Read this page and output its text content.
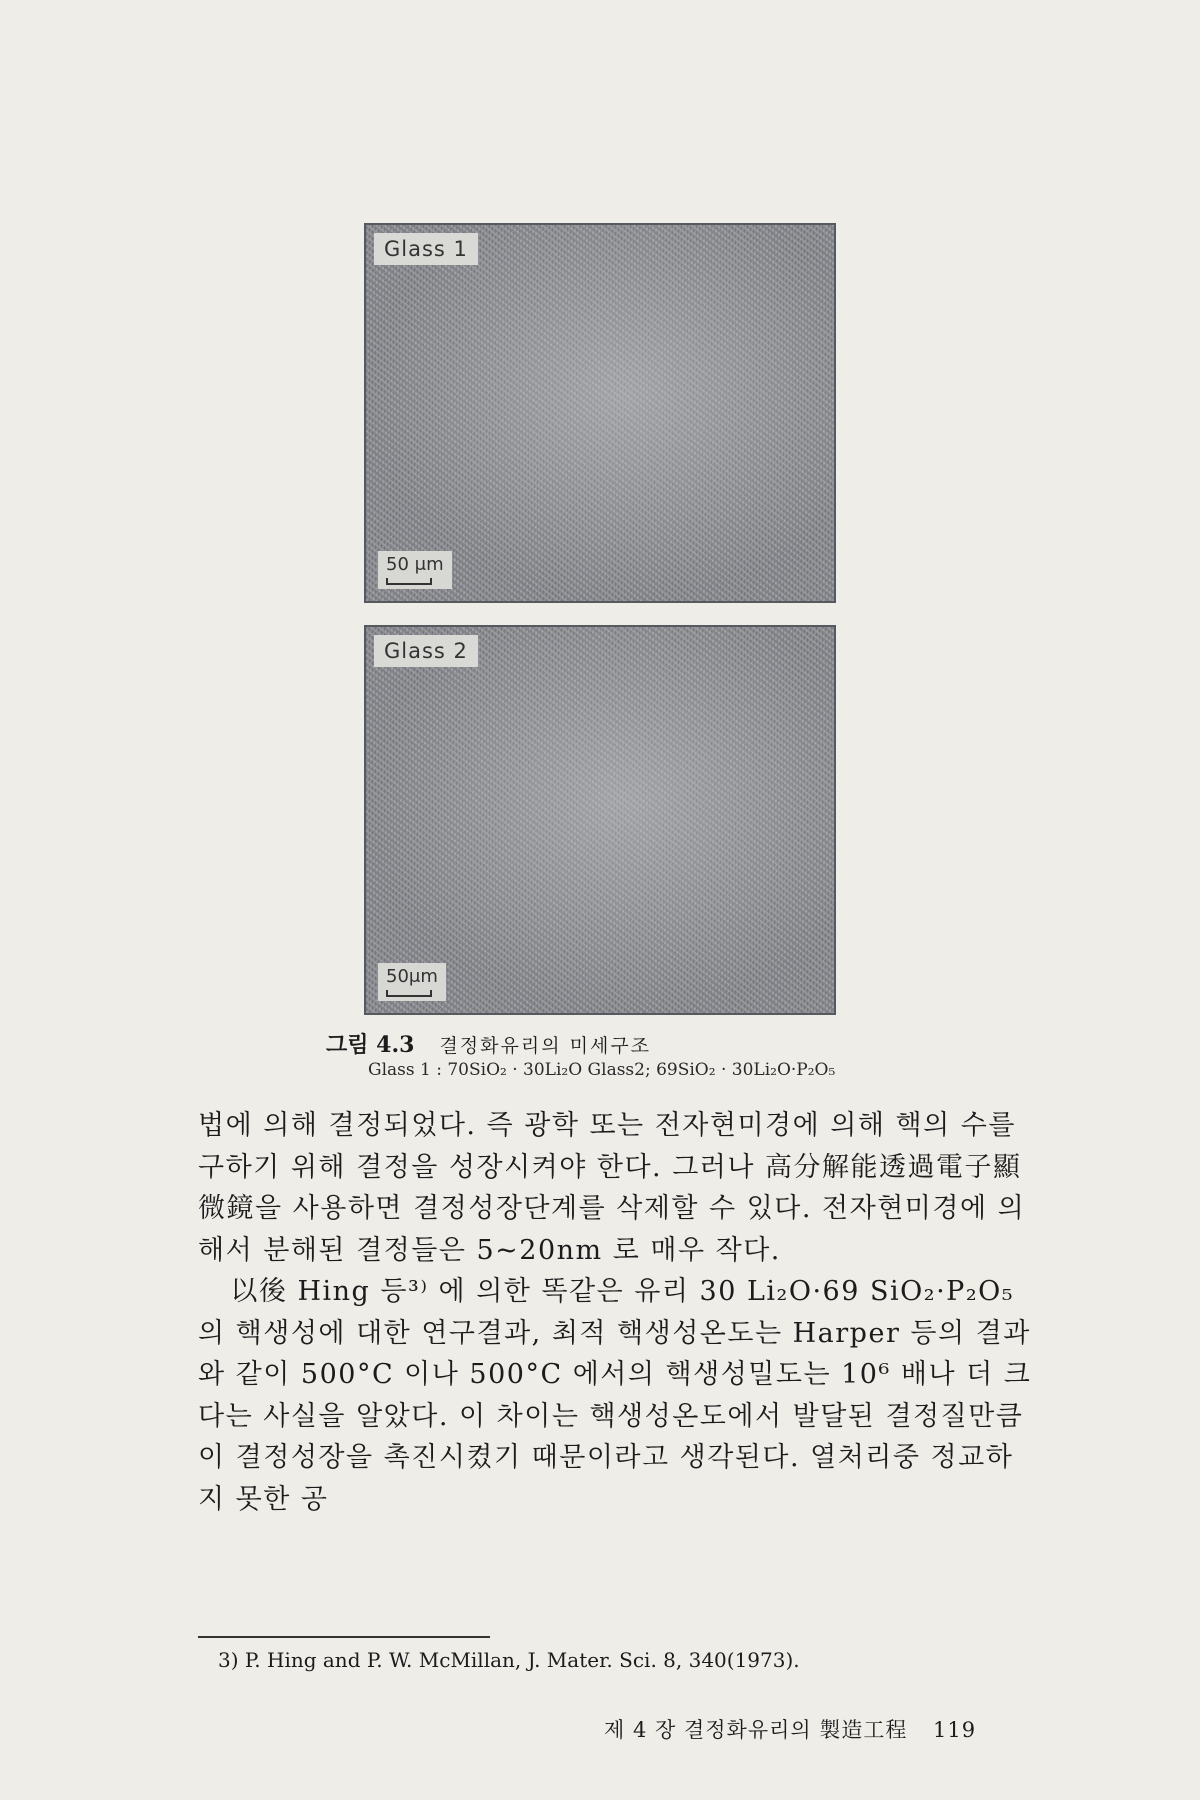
Glass 1
50 μm
Glass 2
50μm
그림 4.3 결정화유리의 미세구조
Glass 1 : 70SiO₂ · 30Li₂O Glass2; 69SiO₂ · 30Li₂O·P₂O₅

법에 의해 결정되었다. 즉 광학 또는 전자현미경에 의해 핵의 수를 구하기 위해 결정을 성장시켜야 한다. 그러나 高分解能透過電子顯微鏡을 사용하면 결정성장단계를 삭제할 수 있다. 전자현미경에 의해서 분해된 결정들은 5~20nm 로 매우 작다.

以後 Hing 등³⁾ 에 의한 똑같은 유리 30 Li₂O·69 SiO₂·P₂O₅의 핵생성에 대한 연구결과, 최적 핵생성온도는 Harper 등의 결과와 같이 500°C 이나 500°C 에서의 핵생성밀도는 10⁶ 배나 더 크다는 사실을 알았다. 이 차이는 핵생성온도에서 발달된 결정질만큼이 결정성장을 촉진시켰기 때문이라고 생각된다. 열처리중 정교하지 못한 공

3) P. Hing and P. W. McMillan, J. Mater. Sci. 8, 340(1973).
제 4 장 결정화유리의 製造工程 119
